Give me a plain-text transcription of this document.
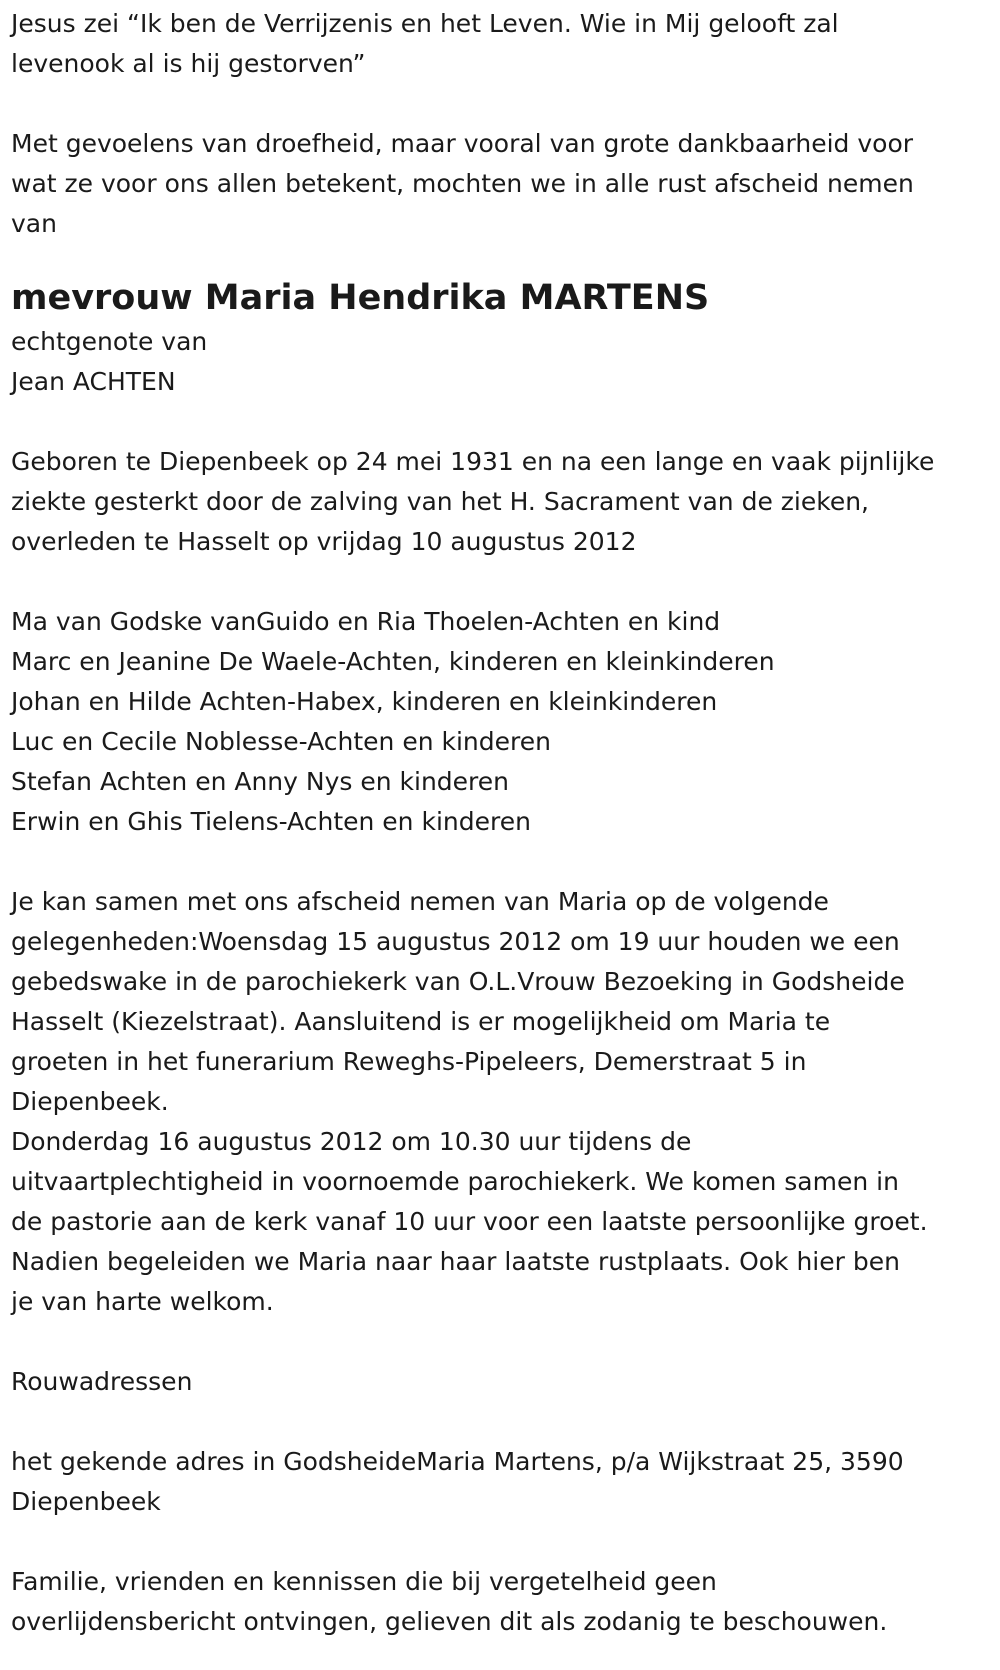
Jesus zei “Ik ben de Verrijzenis en het Leven. Wie in Mij gelooft zal
levenook al is hij gestorven”

Met gevoelens van droefheid, maar vooral van grote dankbaarheid voor
wat ze voor ons allen betekent, mochten we in alle rust afscheid nemen
van

mevrouw Maria Hendrika MARTENS

echtgenote van
Jean ACHTEN

Geboren te Diepenbeek op 24 mei 1931 en na een lange en vaak pijnlijke
ziekte gesterkt door de zalving van het H. Sacrament van de zieken,
overleden te Hasselt op vrijdag 10 augustus 2012

Ma van Godske vanGuido en Ria Thoelen-Achten en kind
Marc en Jeanine De Waele-Achten, kinderen en kleinkinderen
Johan en Hilde Achten-Habex, kinderen en kleinkinderen
Luc en Cecile Noblesse-Achten en kinderen
Stefan Achten en Anny Nys en kinderen
Erwin en Ghis Tielens-Achten en kinderen

Je kan samen met ons afscheid nemen van Maria op de volgende
gelegenheden:Woensdag 15 augustus 2012 om 19 uur houden we een
gebedswake in de parochiekerk van O.L.Vrouw Bezoeking in Godsheide
Hasselt (Kiezelstraat). Aansluitend is er mogelijkheid om Maria te
groeten in het funerarium Reweghs-Pipeleers, Demerstraat 5 in
Diepenbeek.
Donderdag 16 augustus 2012 om 10.30 uur tijdens de
uitvaartplechtigheid in voornoemde parochiekerk. We komen samen in
de pastorie aan de kerk vanaf 10 uur voor een laatste persoonlijke groet.
Nadien begeleiden we Maria naar haar laatste rustplaats. Ook hier ben
je van harte welkom.

Rouwadressen

het gekende adres in GodsheideMaria Martens, p/a Wijkstraat 25, 3590
Diepenbeek

Familie, vrienden en kennissen die bij vergetelheid geen
overlijdensbericht ontvingen, gelieven dit als zodanig te beschouwen.
